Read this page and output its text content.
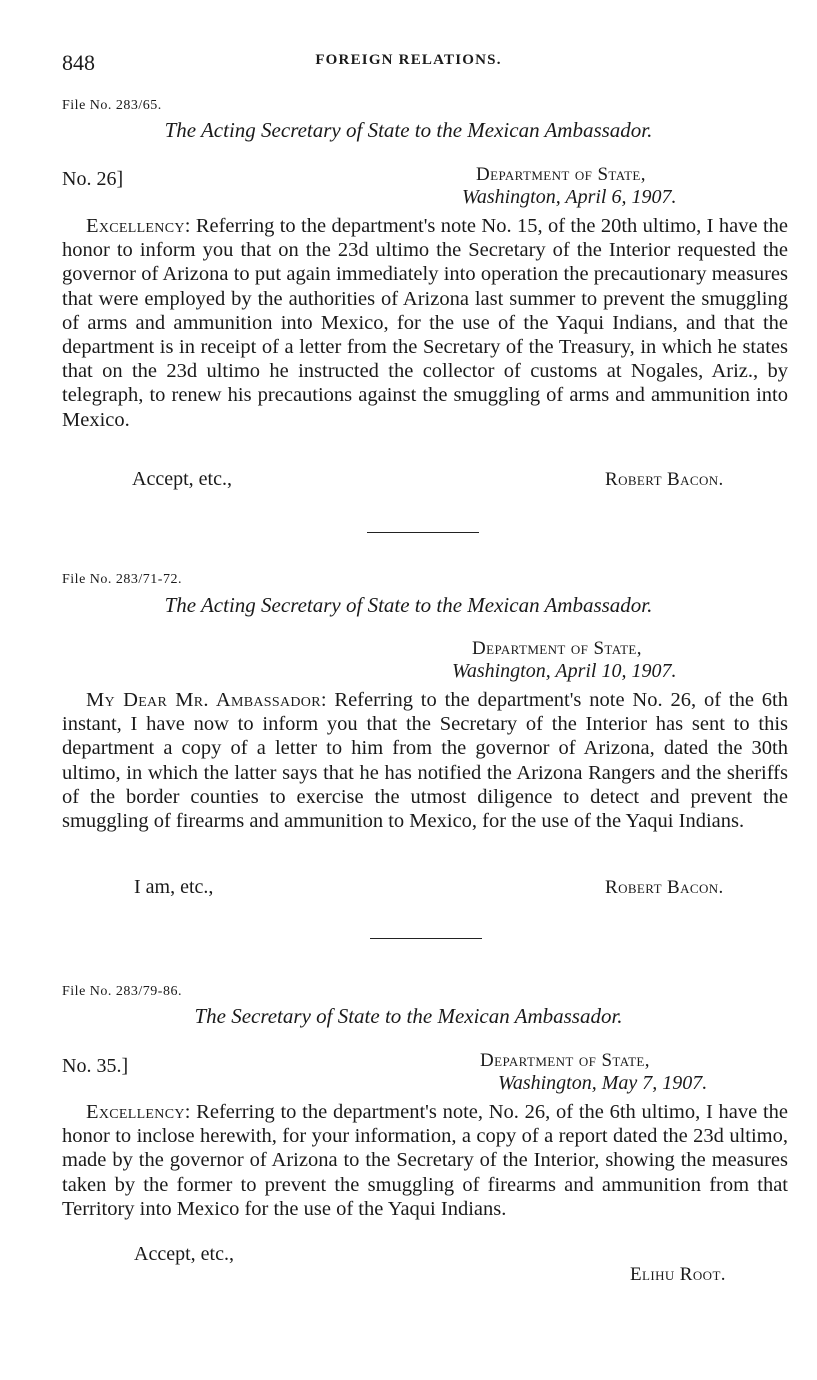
848	FOREIGN RELATIONS.
File No. 283/65.
The Acting Secretary of State to the Mexican Ambassador.
No. 26]	Department of State,
Washington, April 6, 1907.
Excellency: Referring to the department's note No. 15, of the 20th ultimo, I have the honor to inform you that on the 23d ultimo the Secretary of the Interior requested the governor of Arizona to put again immediately into operation the precautionary measures that were employed by the authorities of Arizona last summer to prevent the smuggling of arms and ammunition into Mexico, for the use of the Yaqui Indians, and that the department is in receipt of a letter from the Secretary of the Treasury, in which he states that on the 23d ultimo he instructed the collector of customs at Nogales, Ariz., by telegraph, to renew his precautions against the smuggling of arms and ammunition into Mexico.
Accept, etc.,	Robert Bacon.
File No. 283/71-72.
The Acting Secretary of State to the Mexican Ambassador.
Department of State,
Washington, April 10, 1907.
My Dear Mr. Ambassador: Referring to the department's note No. 26, of the 6th instant, I have now to inform you that the Secretary of the Interior has sent to this department a copy of a letter to him from the governor of Arizona, dated the 30th ultimo, in which the latter says that he has notified the Arizona Rangers and the sheriffs of the border counties to exercise the utmost diligence to detect and prevent the smuggling of firearms and ammunition to Mexico, for the use of the Yaqui Indians.
I am, etc.,	Robert Bacon.
File No. 283/79-86.
The Secretary of State to the Mexican Ambassador.
No. 35.]	Department of State,
Washington, May 7, 1907.
Excellency: Referring to the department's note, No. 26, of the 6th ultimo, I have the honor to inclose herewith, for your information, a copy of a report dated the 23d ultimo, made by the governor of Arizona to the Secretary of the Interior, showing the measures taken by the former to prevent the smuggling of firearms and ammunition from that Territory into Mexico for the use of the Yaqui Indians.
Accept, etc.,
Elihu Root.
